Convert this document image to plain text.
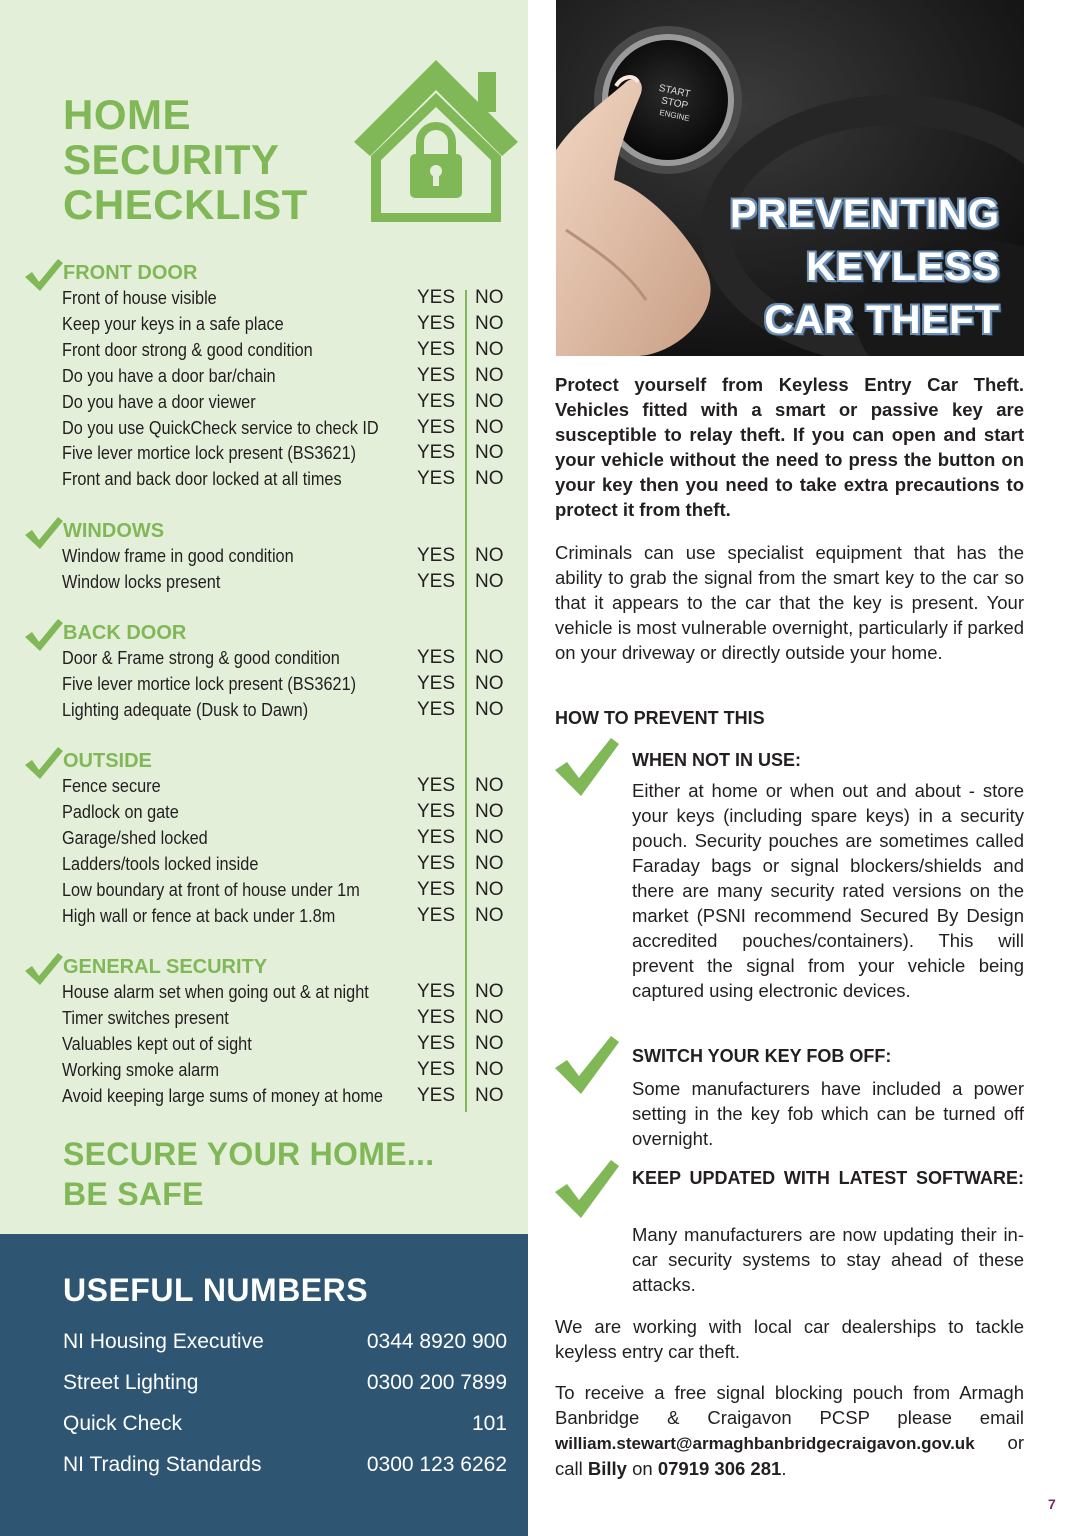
HOME
SECURITY
CHECKLIST
FRONT DOOR
Front of house visible	YES NO
Keep your keys in a safe place	YES NO
Front door strong & good condition	YES NO
Do you have a door bar/chain	YES NO
Do you have a door viewer	YES NO
Do you use QuickCheck service to check ID YES NO
Five lever mortice lock present (BS3621)	YES NO
Front and back door locked at all times	YES NO
WINDOWS
Window frame in good condition	YES NO
Window locks present	YES NO
BACK DOOR
Door & Frame strong & good condition	YES NO
Five lever mortice lock present (BS3621)	YES NO
Lighting adequate (Dusk to Dawn)	YES NO
OUTSIDE
Fence secure	YES NO
Padlock on gate	YES NO
Garage/shed locked	YES NO
Ladders/tools locked inside	YES NO
Low boundary at front of house under 1m	YES NO
High wall or fence at back under 1.8m	YES NO
GENERAL SECURITY
House alarm set when going out & at night	YES NO
Timer switches present	YES NO
Valuables kept out of sight	YES NO
Working smoke alarm	YES NO
Avoid keeping large sums of money at home YES NO
SECURE YOUR HOME...
BE SAFE
USEFUL NUMBERS
NI Housing Executive	0344 8920 900
Street Lighting	0300 200 7899
Quick Check	101
NI Trading Standards	0300 123 6262
START
STOP
ENGINE
PREVENTING
KEYLESS
CAR THEFT

Protect yourself from Keyless Entry Car Theft. Vehicles fitted with a smart or passive key are susceptible to relay theft. If you can open and start your vehicle without the need to press the button on your key then you need to take extra precautions to protect it from theft.

Criminals can use specialist equipment that has the ability to grab the signal from the smart key to the car so that it appears to the car that the key is present. Your vehicle is most vulnerable overnight, particularly if parked on your driveway or directly outside your home.

HOW TO PREVENT THIS
WHEN NOT IN USE:

Either at home or when out and about - store your keys (including spare keys) in a security pouch. Security pouches are sometimes called Faraday bags or signal blockers/shields and there are many security rated versions on the market (PSNI recommend Secured By Design accredited pouches/containers). This will prevent the signal from your vehicle being captured using electronic devices.

SWITCH YOUR KEY FOB OFF:

Some manufacturers have included a power setting in the key fob which can be turned off overnight.

KEEP UPDATED WITH LATEST SOFTWARE:

Many manufacturers are now updating their in-car security systems to stay ahead of these attacks.

We are working with local car dealerships to tackle keyless entry car theft.

To receive a free signal blocking pouch from Armagh Banbridge & Craigavon PCSP please email william.stewart@armaghbanbridgecraigavon.gov.uk or call Billy on 07919 306 281.

7
